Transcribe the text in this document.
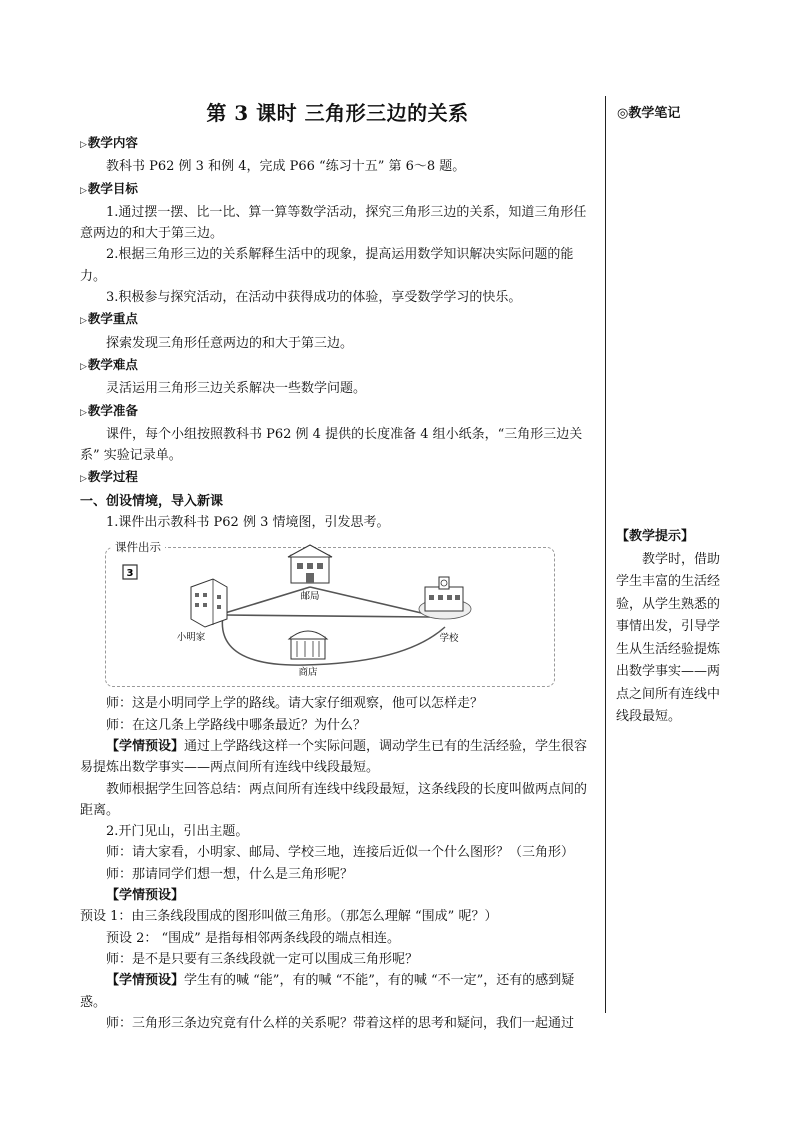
◎教学笔记
【教学提示】
教学时，借助学生丰富的生活经验，从学生熟悉的事情出发，引导学生从生活经验提炼出数学事实——两点之间所有连线中线段最短。
第 3 课时 三角形三边的关系
▷教学内容

教科书 P62 例 3 和例 4，完成 P66 “练习十五” 第 6～8 题。

▷教学目标

1.通过摆一摆、比一比、算一算等数学活动，探究三角形三边的关系，知道三角形任意两边的和大于第三边。

2.根据三角形三边的关系解释生活中的现象，提高运用数学知识解决实际问题的能力。

3.积极参与探究活动，在活动中获得成功的体验，享受数学学习的快乐。

▷教学重点

探索发现三角形任意两边的和大于第三边。

▷教学难点

灵活运用三角形三边关系解决一些数学问题。

▷教学准备

课件，每个小组按照教科书 P62 例 4 提供的长度准备 4 组小纸条，“三角形三边关系” 实验记录单。

▷教学过程
一、创设情境，导入新课

1.课件出示教科书 P62 例 3 情境图，引发思考。

课件出示
3
邮局
小明家	学校
商店

师：这是小明同学上学的路线。请大家仔细观察，他可以怎样走？

师：在这几条上学路线中哪条最近？为什么？

【学情预设】通过上学路线这样一个实际问题，调动学生已有的生活经验，学生很容易提炼出数学事实——两点间所有连线中线段最短。

教师根据学生回答总结：两点间所有连线中线段最短，这条线段的长度叫做两点间的距离。

2.开门见山，引出主题。

师：请大家看，小明家、邮局、学校三地，连接后近似一个什么图形？（三角形）

师：那请同学们想一想，什么是三角形呢？

【学情预设】预设 1：由三条线段围成的图形叫做三角形。（那怎么理解 “围成” 呢？）

预设 2： “围成” 是指每相邻两条线段的端点相连。

师：是不是只要有三条线段就一定可以围成三角形呢？

【学情预设】学生有的喊 “能”，有的喊 “不能”，有的喊 “不一定”，还有的感到疑惑。

师：三角形三条边究竟有什么样的关系呢？带着这样的思考和疑问，我们一起通过
